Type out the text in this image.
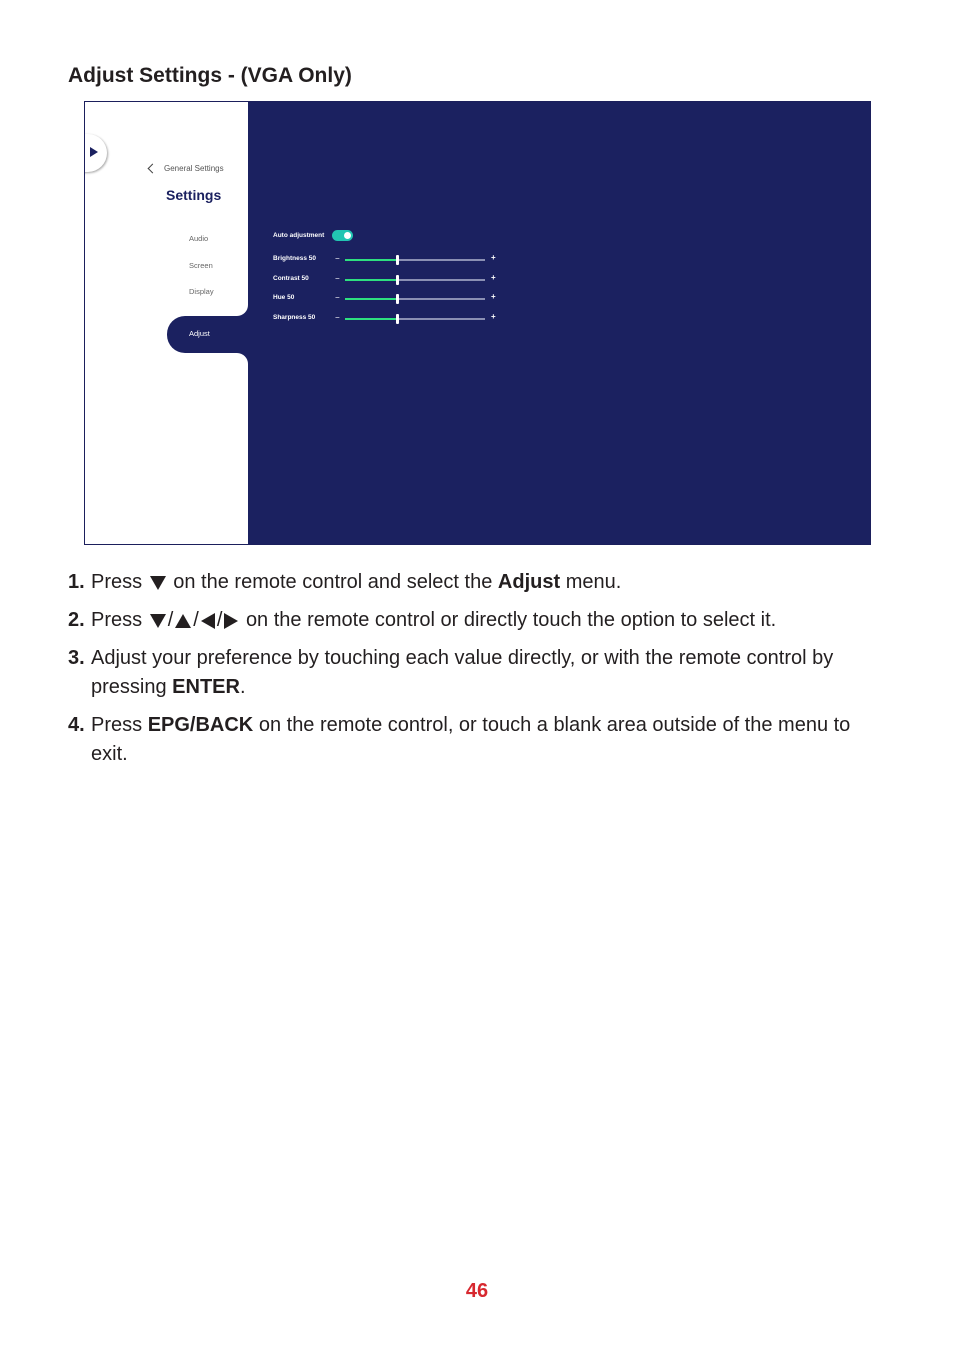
Adjust Settings - (VGA Only)
General Settings
Settings
Audio
Screen
Display
Adjust
Auto adjustment
Brightness 50 −	+
Contrast 50	−	+
Hue 50	−	+
Sharpness 50 −	+
1. Press on the remote control and select the Adjust menu.
2. Press / / / on the remote control or directly touch the option to select it.
3. Adjust your preference by touching each value directly, or with the remote control by pressing ENTER.
4. Press EPG/BACK on the remote control, or touch a blank area outside of the menu to exit.
46
